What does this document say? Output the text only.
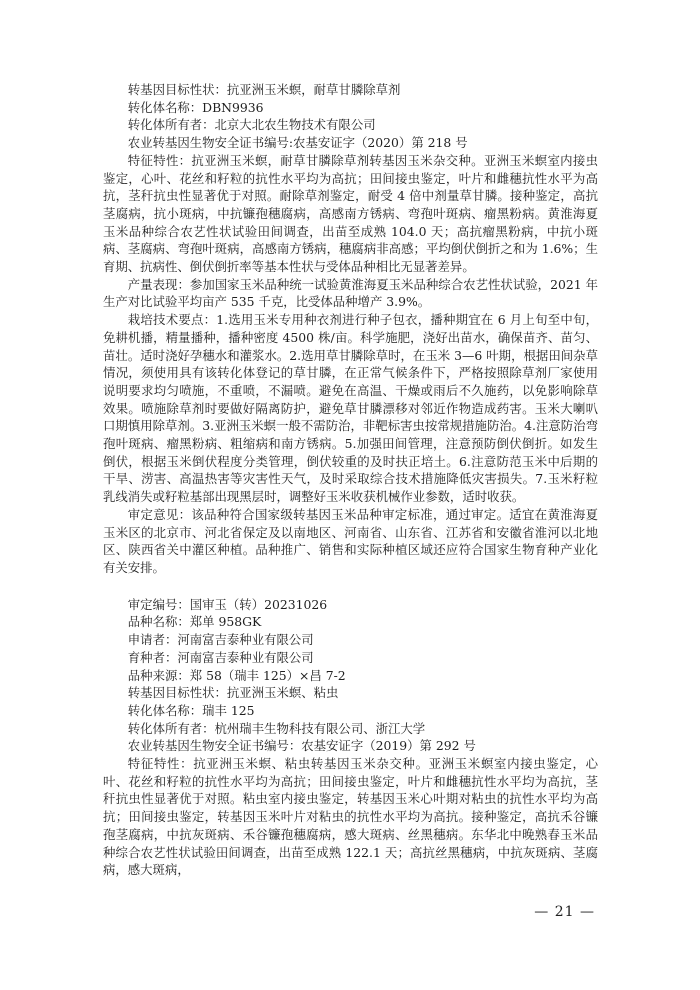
转基因目标性状：抗亚洲玉米螟，耐草甘膦除草剂

转化体名称：DBN9936

转化体所有者：北京大北农生物技术有限公司

农业转基因生物安全证书编号:农基安证字（2020）第 218 号

特征特性：抗亚洲玉米螟，耐草甘膦除草剂转基因玉米杂交种。亚洲玉米螟室内接虫鉴定，心叶、花丝和籽粒的抗性水平均为高抗；田间接虫鉴定，叶片和雌穗抗性水平为高抗，茎秆抗虫性显著优于对照。耐除草剂鉴定，耐受 4 倍中剂量草甘膦。接种鉴定，高抗茎腐病，抗小斑病，中抗镰孢穗腐病，高感南方锈病、弯孢叶斑病、瘤黑粉病。黄淮海夏玉米品种综合农艺性状试验田间调查，出苗至成熟 104.0 天；高抗瘤黑粉病，中抗小斑病、茎腐病、弯孢叶斑病，高感南方锈病，穗腐病非高感；平均倒伏倒折之和为 1.6%；生育期、抗病性、倒伏倒折率等基本性状与受体品种相比无显著差异。

产量表现：参加国家玉米品种统一试验黄淮海夏玉米品种综合农艺性状试验，2021 年生产对比试验平均亩产 535 千克，比受体品种增产 3.9%。

栽培技术要点：1.选用玉米专用种衣剂进行种子包衣，播种期宜在 6 月上旬至中旬，免耕机播，精量播种，播种密度 4500 株/亩。科学施肥，浇好出苗水，确保苗齐、苗匀、苗壮。适时浇好孕穗水和灌浆水。2.选用草甘膦除草时，在玉米 3—6 叶期，根据田间杂草情况，须使用具有该转化体登记的草甘膦，在正常气候条件下，严格按照除草剂厂家使用说明要求均匀喷施，不重喷，不漏喷。避免在高温、干燥或雨后不久施药，以免影响除草效果。喷施除草剂时要做好隔离防护，避免草甘膦漂移对邻近作物造成药害。玉米大喇叭口期慎用除草剂。3.亚洲玉米螟一般不需防治，非靶标害虫按常规措施防治。4.注意防治弯孢叶斑病、瘤黑粉病、粗缩病和南方锈病。5.加强田间管理，注意预防倒伏倒折。如发生倒伏，根据玉米倒伏程度分类管理，倒伏较重的及时扶正培土。6.注意防范玉米中后期的干旱、涝害、高温热害等灾害性天气，及时采取综合技术措施降低灾害损失。7.玉米籽粒乳线消失或籽粒基部出现黑层时，调整好玉米收获机械作业参数，适时收获。

审定意见：该品种符合国家级转基因玉米品种审定标准，通过审定。适宜在黄淮海夏玉米区的北京市、河北省保定及以南地区、河南省、山东省、江苏省和安徽省淮河以北地区、陕西省关中灌区种植。品种推广、销售和实际种植区域还应符合国家生物育种产业化有关安排。

审定编号：国审玉（转）20231026

品种名称：郑单 958GK

申请者：河南富吉泰种业有限公司

育种者：河南富吉泰种业有限公司

品种来源：郑 58（瑞丰 125）×昌 7-2

转基因目标性状：抗亚洲玉米螟、粘虫

转化体名称：瑞丰 125

转化体所有者：杭州瑞丰生物科技有限公司、浙江大学

农业转基因生物安全证书编号：农基安证字（2019）第 292 号

特征特性：抗亚洲玉米螟、粘虫转基因玉米杂交种。亚洲玉米螟室内接虫鉴定，心叶、花丝和籽粒的抗性水平均为高抗；田间接虫鉴定，叶片和雌穗抗性水平均为高抗，茎秆抗虫性显著优于对照。粘虫室内接虫鉴定，转基因玉米心叶期对粘虫的抗性水平均为高抗；田间接虫鉴定，转基因玉米叶片对粘虫的抗性水平均为高抗。接种鉴定，高抗禾谷镰孢茎腐病，中抗灰斑病、禾谷镰孢穗腐病，感大斑病、丝黑穗病。东华北中晚熟春玉米品种综合农艺性状试验田间调查，出苗至成熟 122.1 天；高抗丝黑穗病，中抗灰斑病、茎腐病，感大斑病，

— 21 —
